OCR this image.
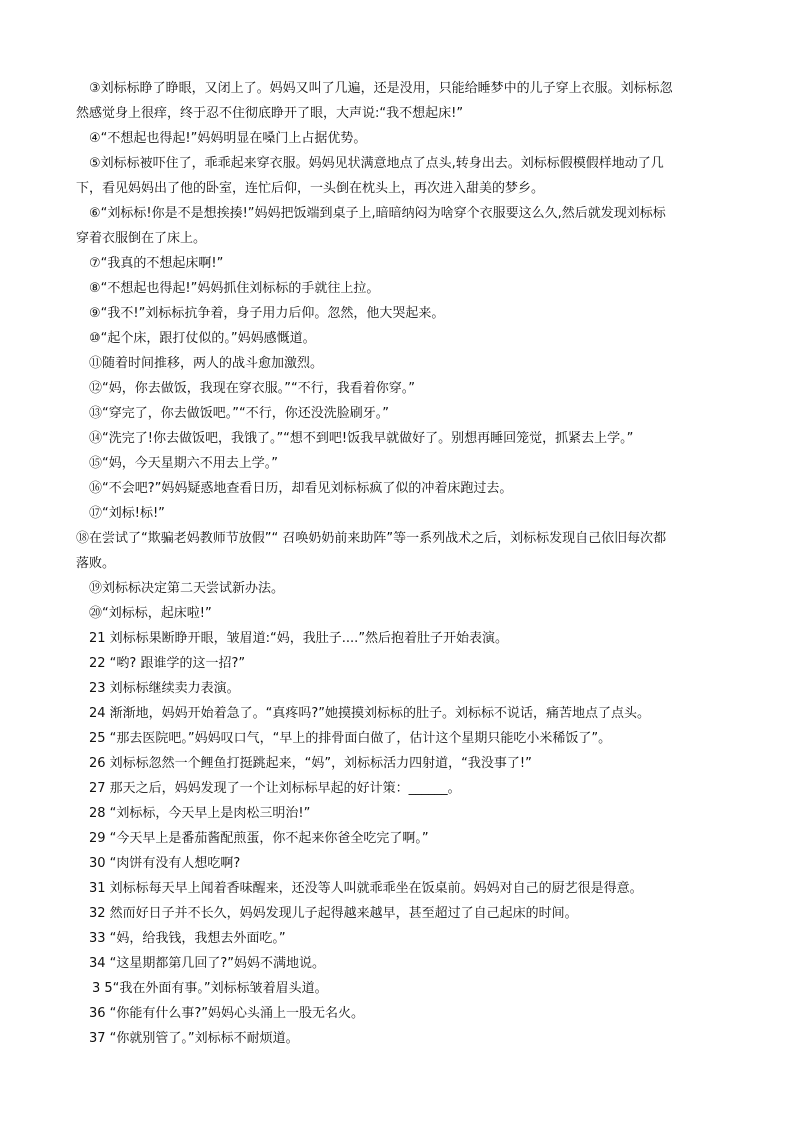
③刘标标睁了睁眼，又闭上了。妈妈又叫了几遍，还是没用，只能给睡梦中的儿子穿上衣服。刘标标忽
然感觉身上很痒，终于忍不住彻底睁开了眼，大声说:“我不想起床!”
④“不想起也得起!”妈妈明显在嗓门上占据优势。
⑤刘标标被吓住了，乖乖起来穿衣服。妈妈见状满意地点了点头,转身出去。刘标标假模假样地动了几
下，看见妈妈出了他的卧室，连忙后仰，一头倒在枕头上，再次进入甜美的梦乡。
⑥“刘标标!你是不是想挨揍!”妈妈把饭端到桌子上,暗暗纳闷为啥穿个衣服要这么久,然后就发现刘标标
穿着衣服倒在了床上。
⑦“我真的不想起床啊!”
⑧“不想起也得起!”妈妈抓住刘标标的手就往上拉。
⑨“我不!”刘标标抗争着，身子用力后仰。忽然，他大哭起来。
⑩“起个床，跟打仗似的。”妈妈感慨道。
⑪随着时间推移，两人的战斗愈加激烈。
⑫“妈，你去做饭，我现在穿衣服。”“不行，我看着你穿。”
⑬“穿完了，你去做饭吧。”“不行，你还没洗脸刷牙。”
⑭“洗完了!你去做饭吧，我饿了。”“想不到吧!饭我早就做好了。别想再睡回笼觉，抓紧去上学。”
⑮“妈，今天星期六不用去上学。”
⑯“不会吧?”妈妈疑惑地查看日历，却看见刘标标疯了似的冲着床跑过去。
⑰“刘标!标!”
⑱在尝试了“欺骗老妈教师节放假”“ 召唤奶奶前来助阵”等一系列战术之后，刘标标发现自己依旧每次都
落败。
⑲刘标标决定第二天尝试新办法。
⑳“刘标标，起床啦!”
21 刘标标果断睁开眼，皱眉道:“妈，我肚子....”然后抱着肚子开始表演。
22 “哟? 跟谁学的这一招?”
23 刘标标继续卖力表演。
24 渐渐地，妈妈开始着急了。“真疼吗?”她摸摸刘标标的肚子。刘标标不说话，痛苦地点了点头。
25 “那去医院吧。”妈妈叹口气，“早上的排骨面白做了，估计这个星期只能吃小米稀饭了”。
26 刘标标忽然一个鲤鱼打挺跳起来，“妈”，刘标标活力四射道，“我没事了!”
27 那天之后，妈妈发现了一个让刘标标早起的好计策：______。
28 “刘标标，今天早上是肉松三明治!”
29 “今天早上是番茄酱配煎蛋，你不起来你爸全吃完了啊。”
30 “肉饼有没有人想吃啊?
31 刘标标每天早上闻着香味醒来，还没等人叫就乖乖坐在饭桌前。妈妈对自己的厨艺很是得意。
32 然而好日子并不长久，妈妈发现儿子起得越来越早，甚至超过了自己起床的时间。
33 “妈，给我钱，我想去外面吃。”
34 “这星期都第几回了?”妈妈不满地说。
3 5“我在外面有事。”刘标标皱着眉头道。
36 “你能有什么事?”妈妈心头涌上一股无名火。
37 “你就别管了。”刘标标不耐烦道。
